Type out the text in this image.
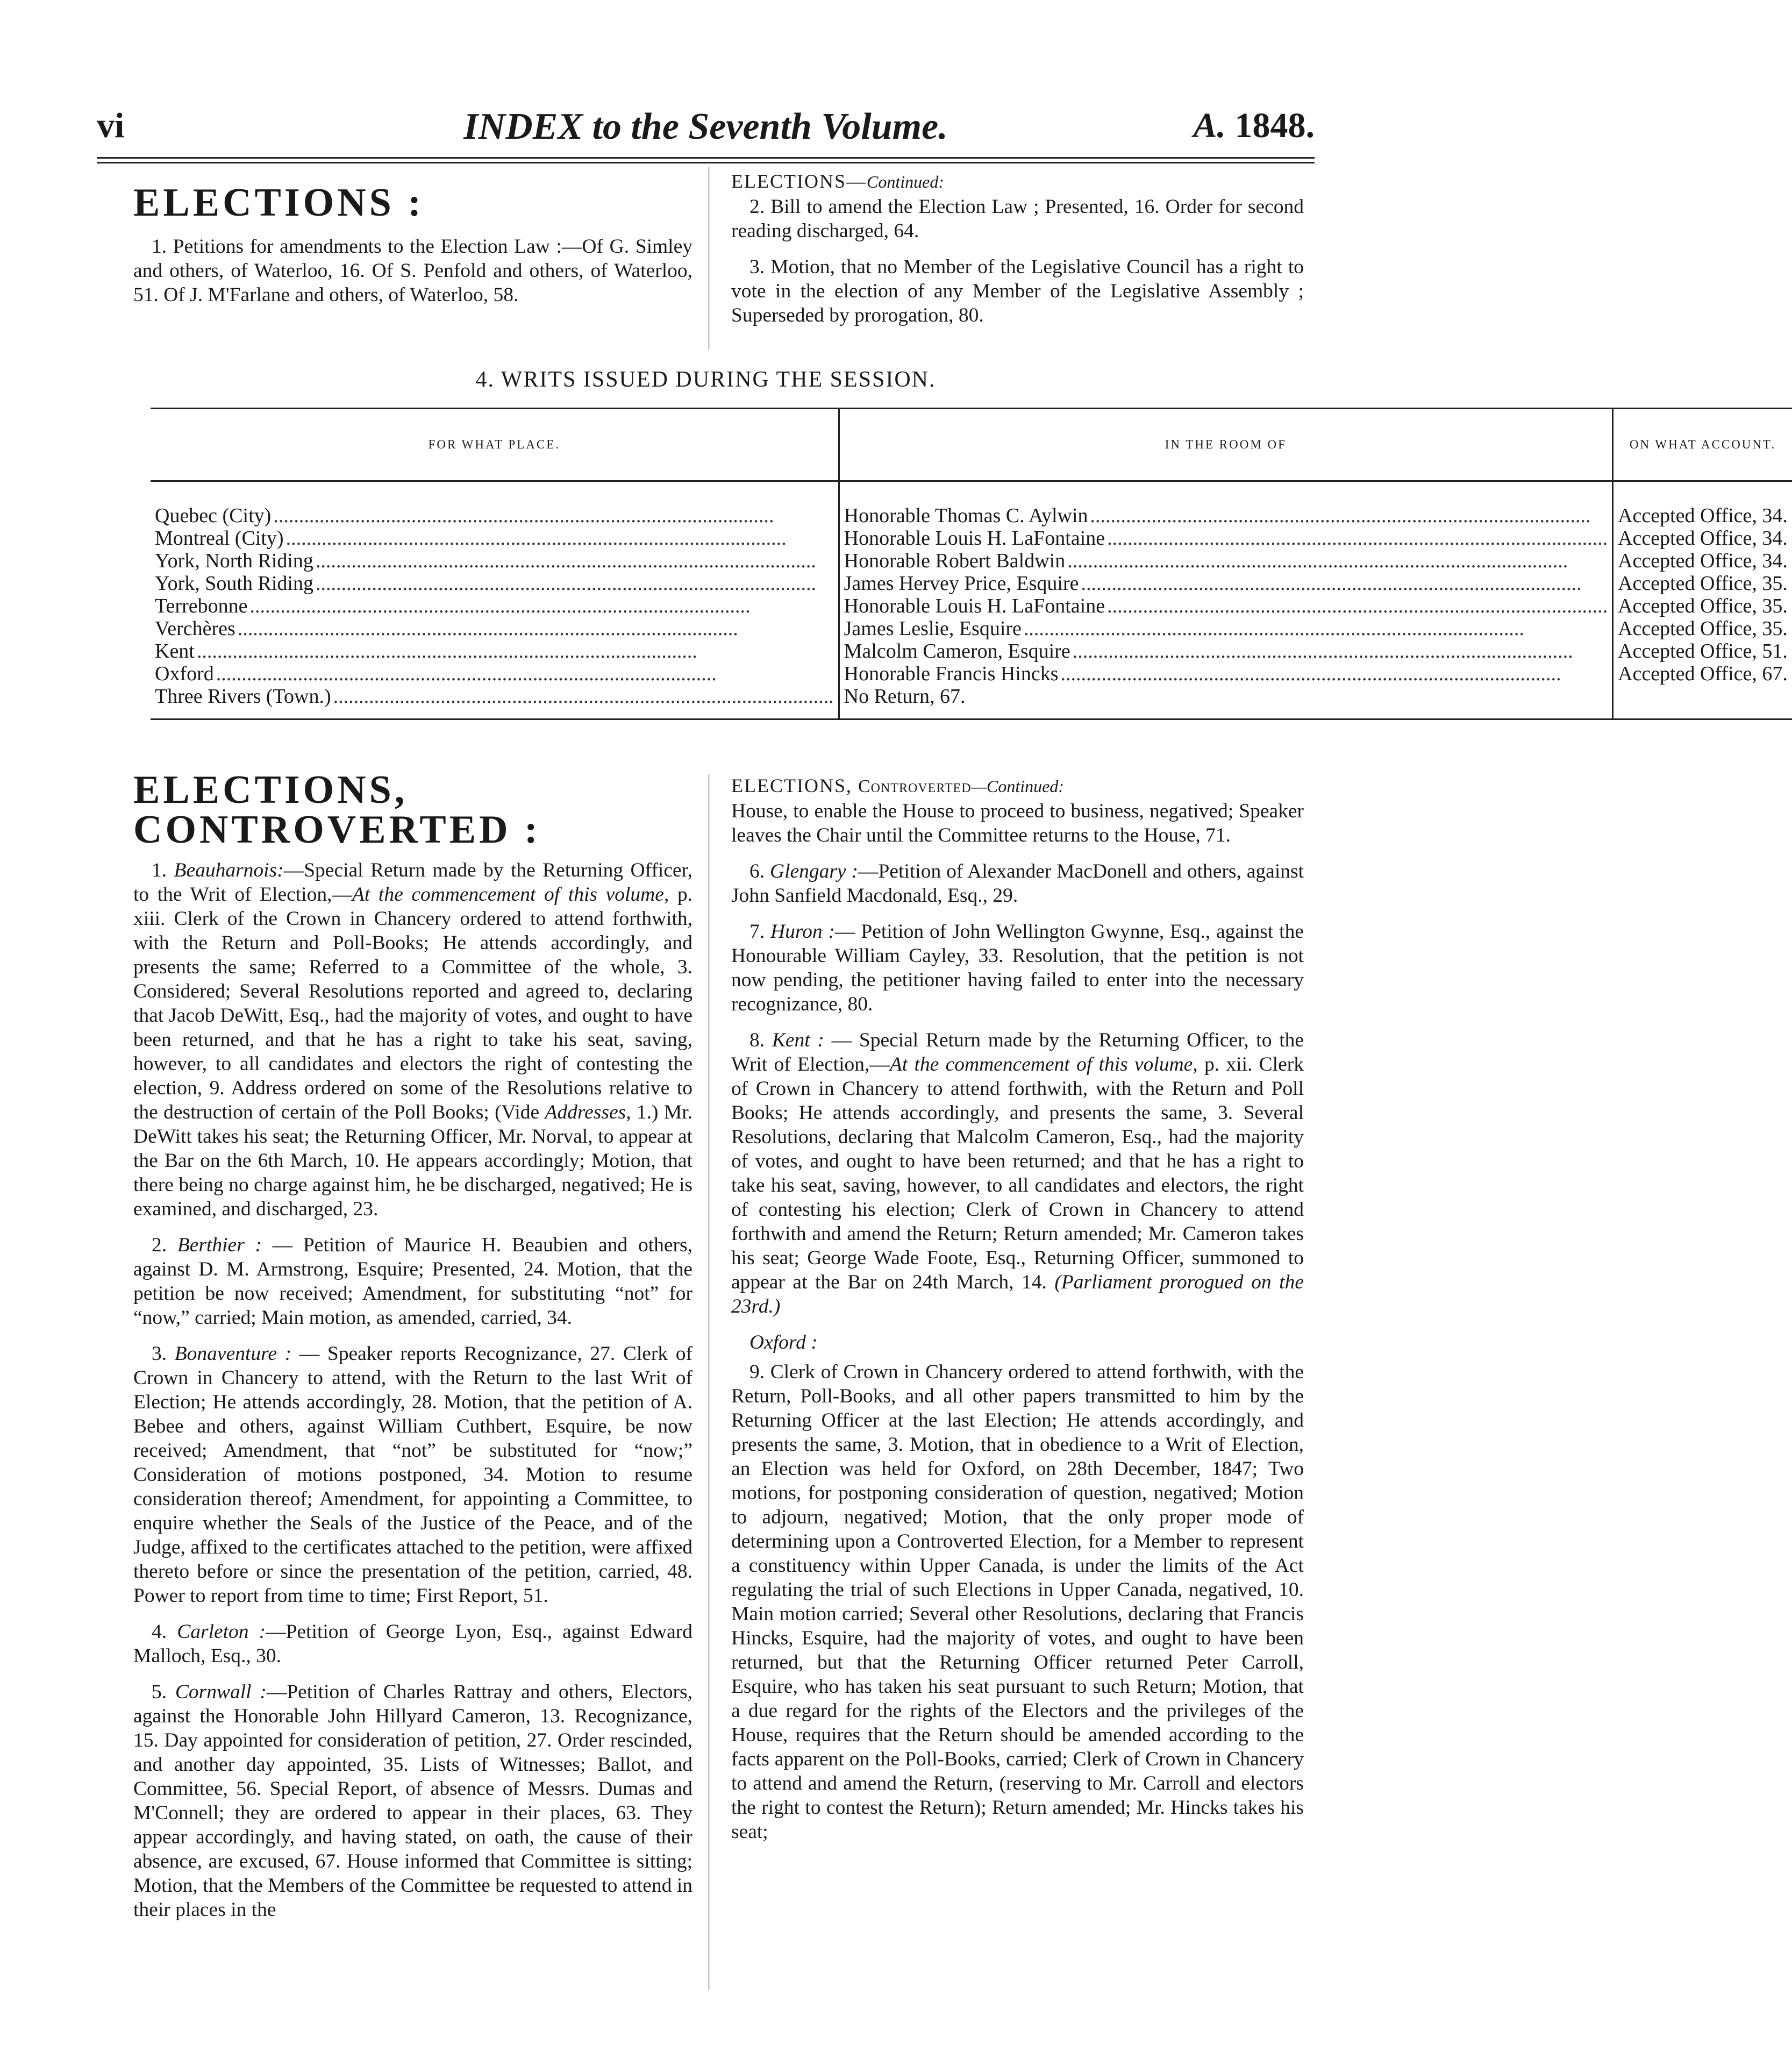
vi	INDEX to the Seventh Volume.	A. 1848.
ELECTIONS :

1. Petitions for amendments to the Election Law :—Of G. Simley and others, of Waterloo, 16. Of S. Penfold and others, of Waterloo, 51. Of J. M'Farlane and others, of Waterloo, 58.

ELECTIONS—Continued:

2. Bill to amend the Election Law ; Presented, 16. Order for second reading discharged, 64.

3. Motion, that no Member of the Legislative Council has a right to vote in the election of any Member of the Legislative Assembly ; Superseded by prorogation, 80.

4. WRITS ISSUED DURING THE SESSION.
FOR WHAT PLACE.	IN THE ROOM OF	ON WHAT ACCOUNT.

Quebec (City) ..................................................................................................	Honorable Thomas C. Aylwin ..................................................................................................	Accepted Office, 34.

Montreal (City) ..................................................................................................	Honorable Louis H. LaFontaine ..................................................................................................	Accepted Office, 34.

York, North Riding ..................................................................................................	Honorable Robert Baldwin ..................................................................................................	Accepted Office, 34.

York, South Riding ..................................................................................................	James Hervey Price, Esquire ..................................................................................................	Accepted Office, 35.

Terrebonne ..................................................................................................	Honorable Louis H. LaFontaine ..................................................................................................	Accepted Office, 35.

Verchères ..................................................................................................	James Leslie, Esquire ..................................................................................................	Accepted Office, 35.

Kent ..................................................................................................	Malcolm Cameron, Esquire ..................................................................................................	Accepted Office, 51.

Oxford ..................................................................................................	Honorable Francis Hincks ..................................................................................................	Accepted Office, 67.

Three Rivers (Town.) ..................................................................................................	No Return, 67.	

ELECTIONS, CONTROVERTED :

1. Beauharnois:—Special Return made by the Returning Officer, to the Writ of Election,—At the commencement of this volume, p. xiii. Clerk of the Crown in Chancery ordered to attend forthwith, with the Return and Poll-Books; He attends accordingly, and presents the same; Referred to a Committee of the whole, 3. Considered; Several Resolutions reported and agreed to, declaring that Jacob DeWitt, Esq., had the majority of votes, and ought to have been returned, and that he has a right to take his seat, saving, however, to all candidates and electors the right of contesting the election, 9. Address ordered on some of the Resolutions relative to the destruction of certain of the Poll Books; (Vide Addresses, 1.) Mr. DeWitt takes his seat; the Returning Officer, Mr. Norval, to appear at the Bar on the 6th March, 10. He appears accordingly; Motion, that there being no charge against him, he be discharged, negatived; He is examined, and discharged, 23.

2. Berthier : — Petition of Maurice H. Beaubien and others, against D. M. Armstrong, Esquire; Presented, 24. Motion, that the petition be now received; Amendment, for substituting “not” for “now,” carried; Main motion, as amended, carried, 34.

3. Bonaventure : — Speaker reports Recognizance, 27. Clerk of Crown in Chancery to attend, with the Return to the last Writ of Election; He attends accordingly, 28. Motion, that the petition of A. Bebee and others, against William Cuthbert, Esquire, be now received; Amendment, that “not” be substituted for “now;” Consideration of motions postponed, 34. Motion to resume consideration thereof; Amendment, for appointing a Committee, to enquire whether the Seals of the Justice of the Peace, and of the Judge, affixed to the certificates attached to the petition, were affixed thereto before or since the presentation of the petition, carried, 48. Power to report from time to time; First Report, 51.

4. Carleton :—Petition of George Lyon, Esq., against Edward Malloch, Esq., 30.

5. Cornwall :—Petition of Charles Rattray and others, Electors, against the Honorable John Hillyard Cameron, 13. Recognizance, 15. Day appointed for consideration of petition, 27. Order rescinded, and another day appointed, 35. Lists of Witnesses; Ballot, and Committee, 56. Special Report, of absence of Messrs. Dumas and M'Connell; they are ordered to appear in their places, 63. They appear accordingly, and having stated, on oath, the cause of their absence, are excused, 67. House informed that Committee is sitting; Motion, that the Members of the Committee be requested to attend in their places in the

ELECTIONS, Controverted—Continued:

House, to enable the House to proceed to business, negatived; Speaker leaves the Chair until the Committee returns to the House, 71.

6. Glengary :—Petition of Alexander MacDonell and others, against John Sanfield Macdonald, Esq., 29.

7. Huron :— Petition of John Wellington Gwynne, Esq., against the Honourable William Cayley, 33. Resolution, that the petition is not now pending, the petitioner having failed to enter into the necessary recognizance, 80.

8. Kent : — Special Return made by the Returning Officer, to the Writ of Election,—At the commencement of this volume, p. xii. Clerk of Crown in Chancery to attend forthwith, with the Return and Poll Books; He attends accordingly, and presents the same, 3. Several Resolutions, declaring that Malcolm Cameron, Esq., had the majority of votes, and ought to have been returned; and that he has a right to take his seat, saving, however, to all candidates and electors, the right of contesting his election; Clerk of Crown in Chancery to attend forthwith and amend the Return; Return amended; Mr. Cameron takes his seat; George Wade Foote, Esq., Returning Officer, summoned to appear at the Bar on 24th March, 14. (Parliament prorogued on the 23rd.)

Oxford :

9. Clerk of Crown in Chancery ordered to attend forthwith, with the Return, Poll-Books, and all other papers transmitted to him by the Returning Officer at the last Election; He attends accordingly, and presents the same, 3. Motion, that in obedience to a Writ of Election, an Election was held for Oxford, on 28th December, 1847; Two motions, for postponing consideration of question, negatived; Motion to adjourn, negatived; Motion, that the only proper mode of determining upon a Controverted Election, for a Member to represent a constituency within Upper Canada, is under the limits of the Act regulating the trial of such Elections in Upper Canada, negatived, 10. Main motion carried; Several other Resolutions, declaring that Francis Hincks, Esquire, had the majority of votes, and ought to have been returned, but that the Returning Officer returned Peter Carroll, Esquire, who has taken his seat pursuant to such Return; Motion, that a due regard for the rights of the Electors and the privileges of the House, requires that the Return should be amended according to the facts apparent on the Poll-Books, carried; Clerk of Crown in Chancery to attend and amend the Return, (reserving to Mr. Carroll and electors the right to contest the Return); Return amended; Mr. Hincks takes his seat;
